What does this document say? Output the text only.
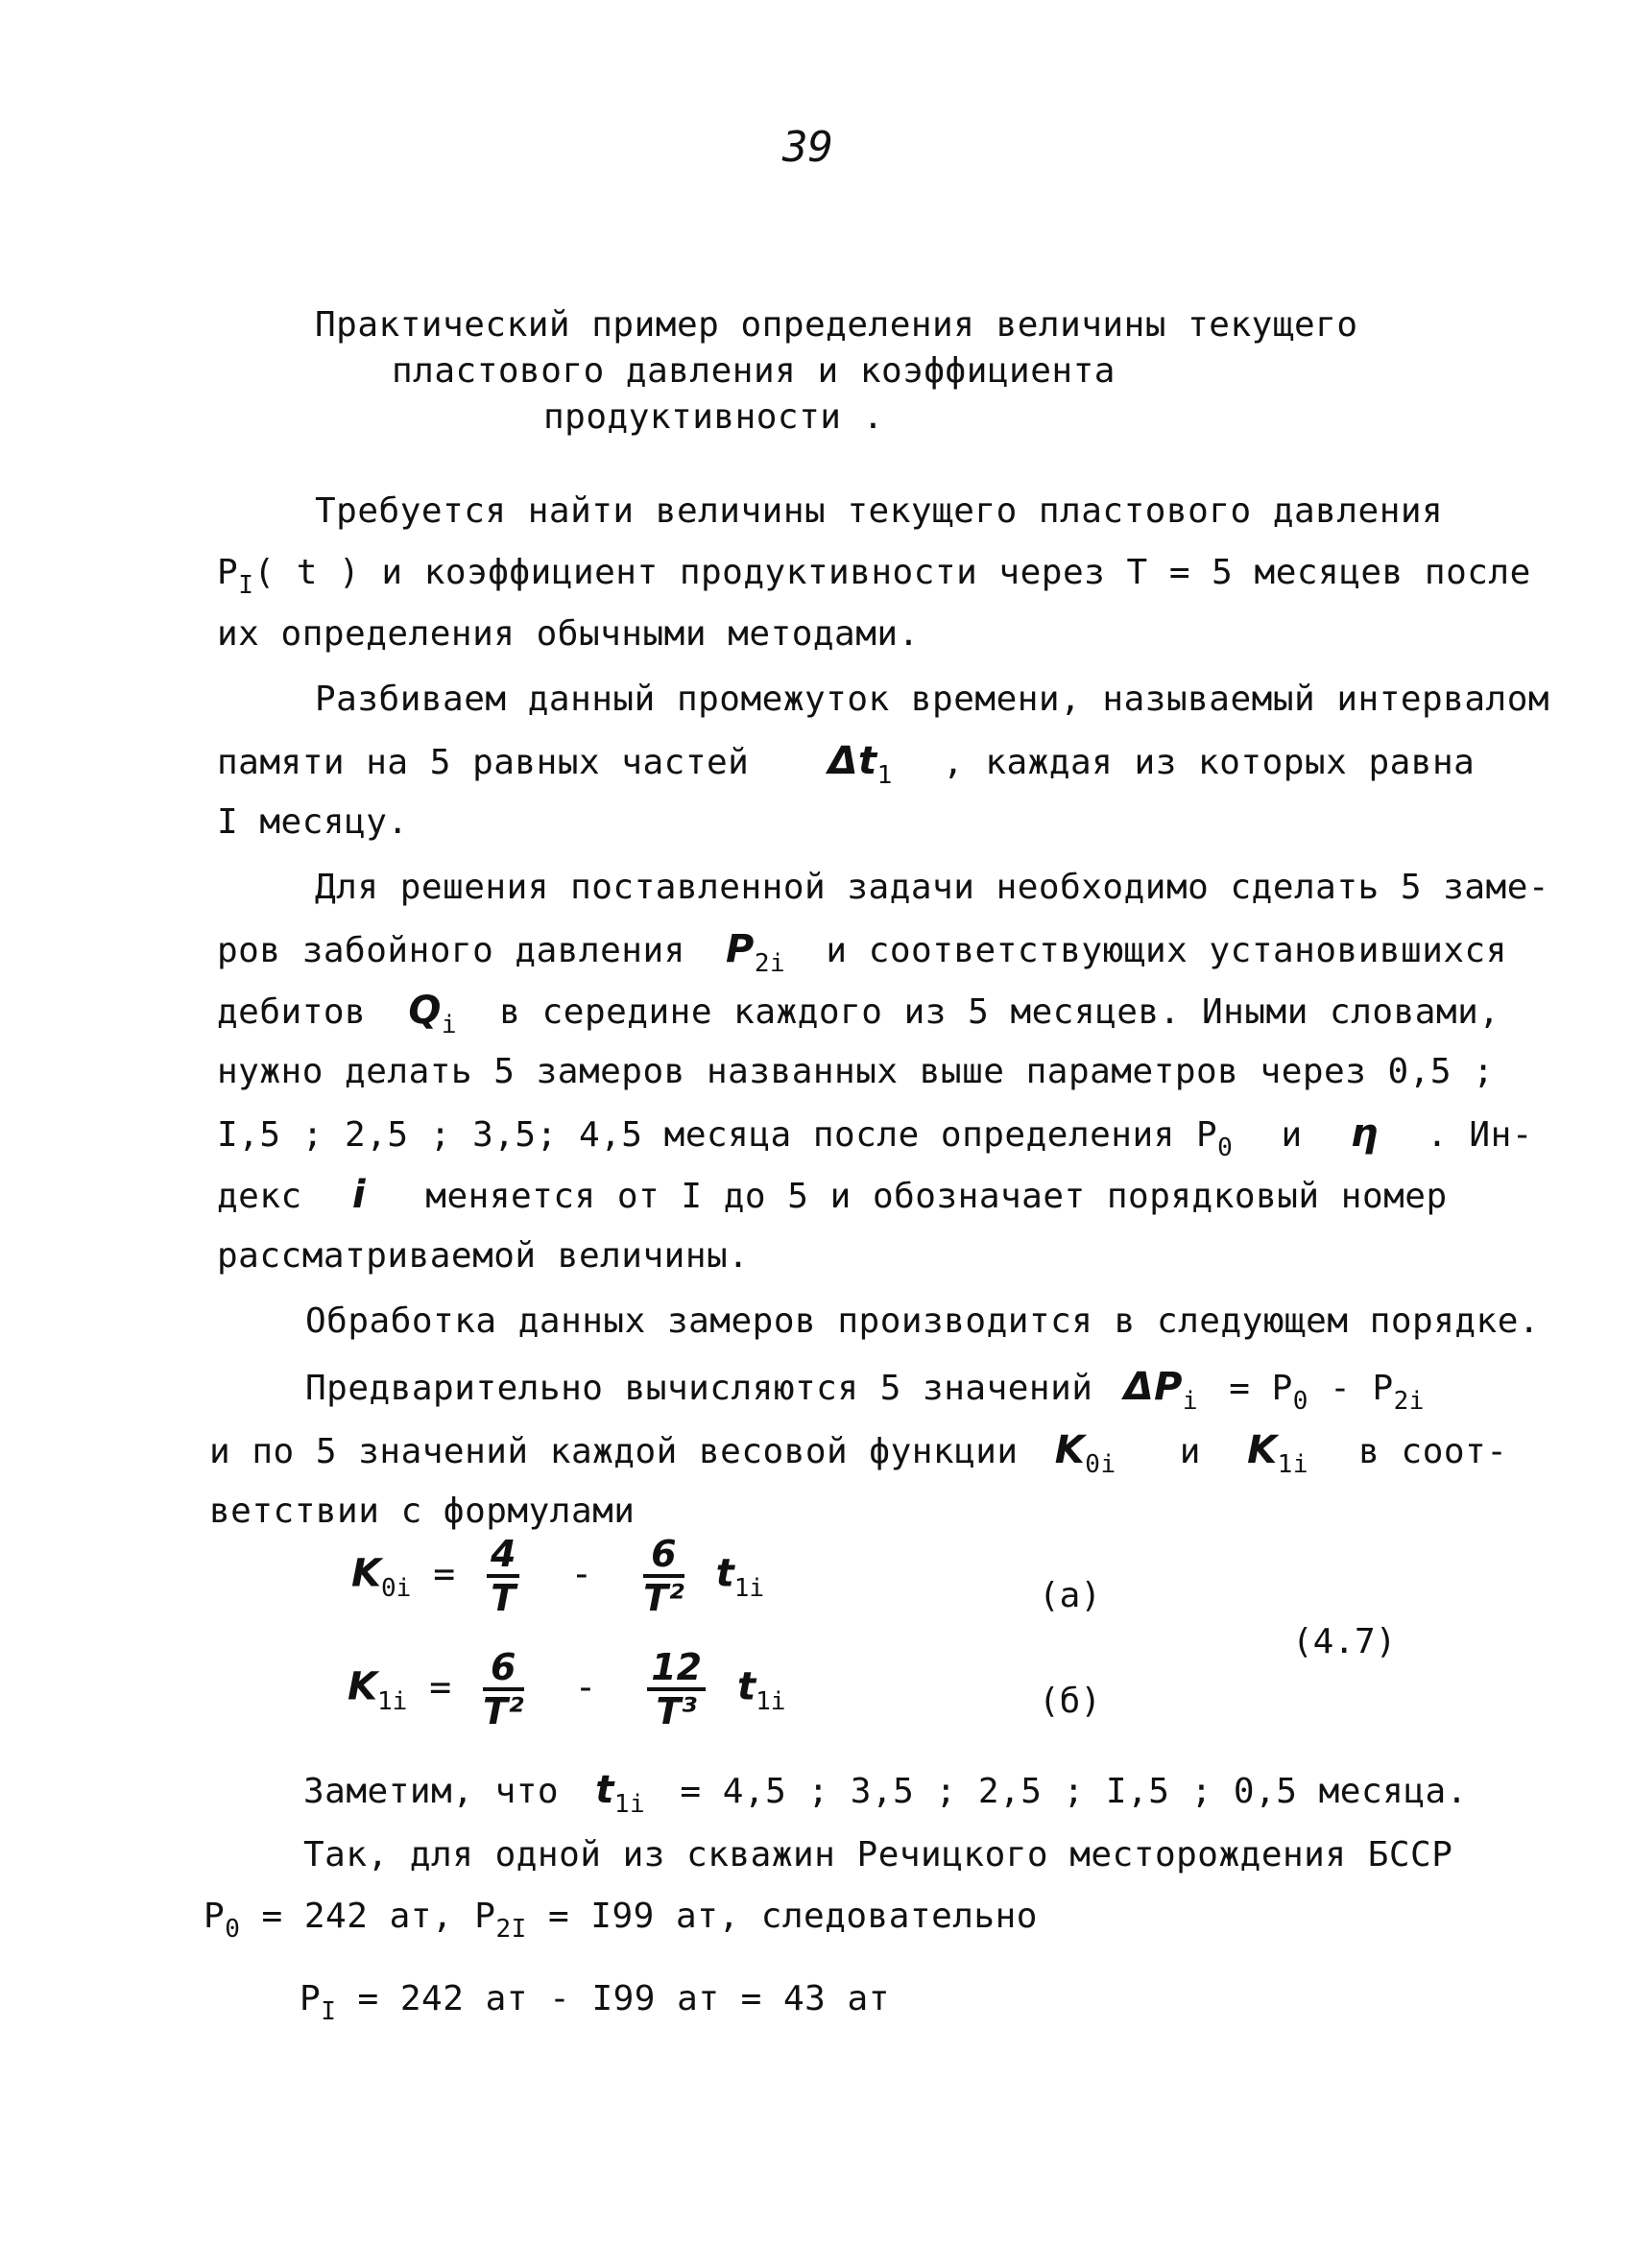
39
Практический пример определения величины текущего
пластового давления и коэффициента
продуктивности .
Требуется найти величины текущего пластового давления
$P_I$( t ) и коэффициент продуктивности через T = 5 месяцев после
их определения обычными методами.
Разбиваем данный промежуток времени, называемый интервалом
памяти на 5 равных частей $\Delta t_1$ , каждая из которых равна
I месяцу.
Для решения поставленной задачи необходимо сделать 5 заме-
ров забойного давления $P_{2i}$ и соответствующих установившихся
дебитов $Q_i$ в середине каждого из 5 месяцев. Иными словами,
нужно делать 5 замеров названных выше параметров через 0,5 ;
I,5 ; 2,5 ; 3,5; 4,5 месяца после определения $P_0$ и η . Ин-
декс i меняется от I до 5 и обозначает порядковый номер
рассматриваемой величины.
Обработка данных замеров производится в следующем порядке.
Предварительно вычисляются 5 значений $\Delta P_i = P_0 - P_{2i}$
и по 5 значений каждой весовой функции $K_{0i}$ и $K_{1i}$ в соот-
ветствии с формулами
$K_{0i} = \frac{4}{T} - \frac{6}{\text{T²}} t_{1i}$	(a)
(4.7)
$K_{1i} = \frac{6}{\text{T²}} - \frac{12}{\text{T³}} t_{1i}$	(б)
Заметим, что $t_{1i} = 4,5$ ; 3,5 ; 2,5 ; I,5 ; 0,5 месяца.
Так, для одной из скважин Речицкого месторождения БССР
$P_0 = 242$ ат, $P_{2I} = I99$ ат, следовательно
$P_I = 242$ ат - I99 ат = 43 ат
